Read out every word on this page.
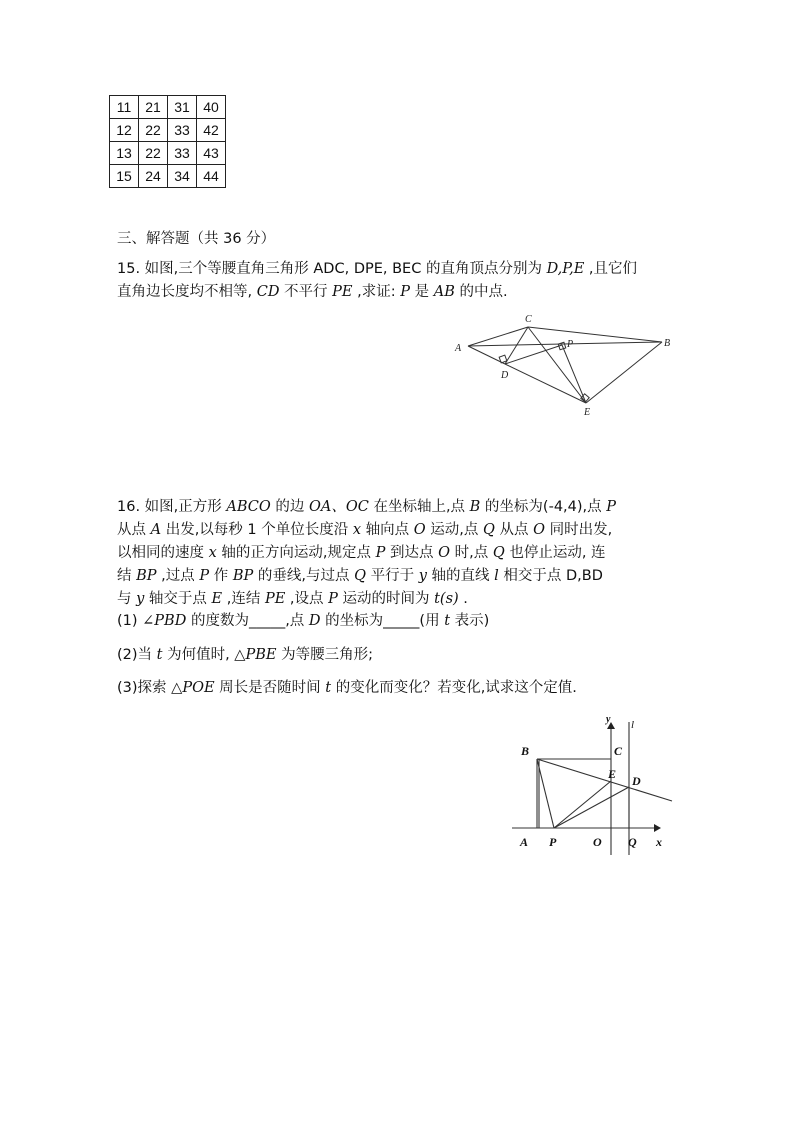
11	21	31	40
12	22	33	42
13	22	33	43
15	24	34	44
三、解答题（共 36 分）
15. 如图,三个等腰直角三角形 ADC, DPE, BEC 的直角顶点分别为 D,P,E ,且它们
直角边长度均不相等, CD 不平行 PE ,求证: P 是 AB 的中点.
A
C
P	B
D
E
16. 如图,正方形 ABCO 的边 OA、OC 在坐标轴上,点 B 的坐标为(-4,4),点 P
从点 A 出发,以每秒 1 个单位长度沿 x 轴向点 O 运动,点 Q 从点 O 同时出发,
以相同的速度 x 轴的正方向运动,规定点 P 到达点 O 时,点 Q 也停止运动, 连
结 BP ,过点 P 作 BP 的垂线,与过点 Q 平行于 y 轴的直线 l 相交于点 D,BD
与 y 轴交于点 E ,连结 PE ,设点 P 运动的时间为 t(s) .
(1) ∠PBD 的度数为_____,点 D 的坐标为_____(用 t 表示)
(2)当 t 为何值时, △PBE 为等腰三角形;
(3)探索 △POE 周长是否随时间 t 的变化而变化？若变化,试求这个定值.
y l
B	C
E D
A P	O Q x
